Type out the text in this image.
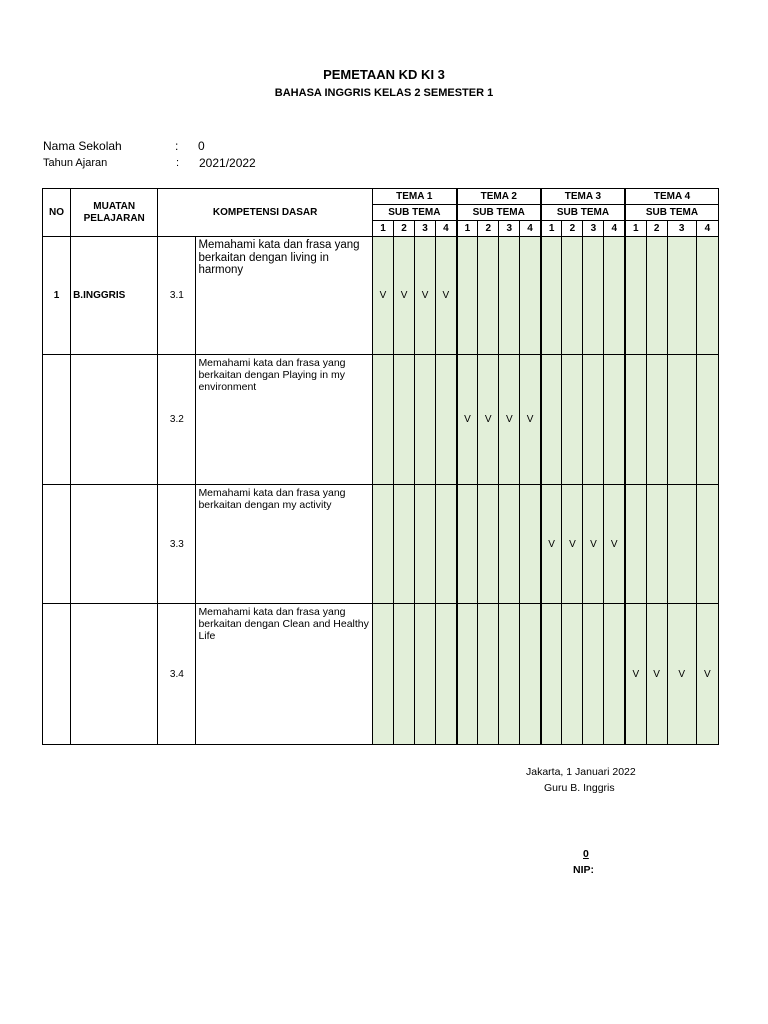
PEMETAAN KD KI 3
BAHASA INGGRIS KELAS 2 SEMESTER 1
Nama Sekolah	: 0
Tahun Ajaran	: 2021/2022
NO	MUATAN PELAJARAN	KOMPETENSI DASAR		TEMA 1				TEMA 2				TEMA 3				TEMA 4			
				SUB TEMA				SUB TEMA				SUB TEMA				SUB TEMA			
				1	2	3	4	1	2	3	4	1	2	3	4	1	2	3	4
1	B.INGGRIS	3.1	Memahami kata dan frasa yang berkaitan dengan living in harmony	V	V	V	V												
		3.2	Memahami kata dan frasa yang berkaitan dengan Playing in my environment					V	V	V	V								
		3.3	Memahami kata dan frasa yang berkaitan dengan my activity									V	V	V	V				
		3.4	Memahami kata dan frasa yang berkaitan dengan Clean and Healthy Life													V	V	V	V
Jakarta, 1 Januari 2022
Guru B. Inggris
0
NIP:
